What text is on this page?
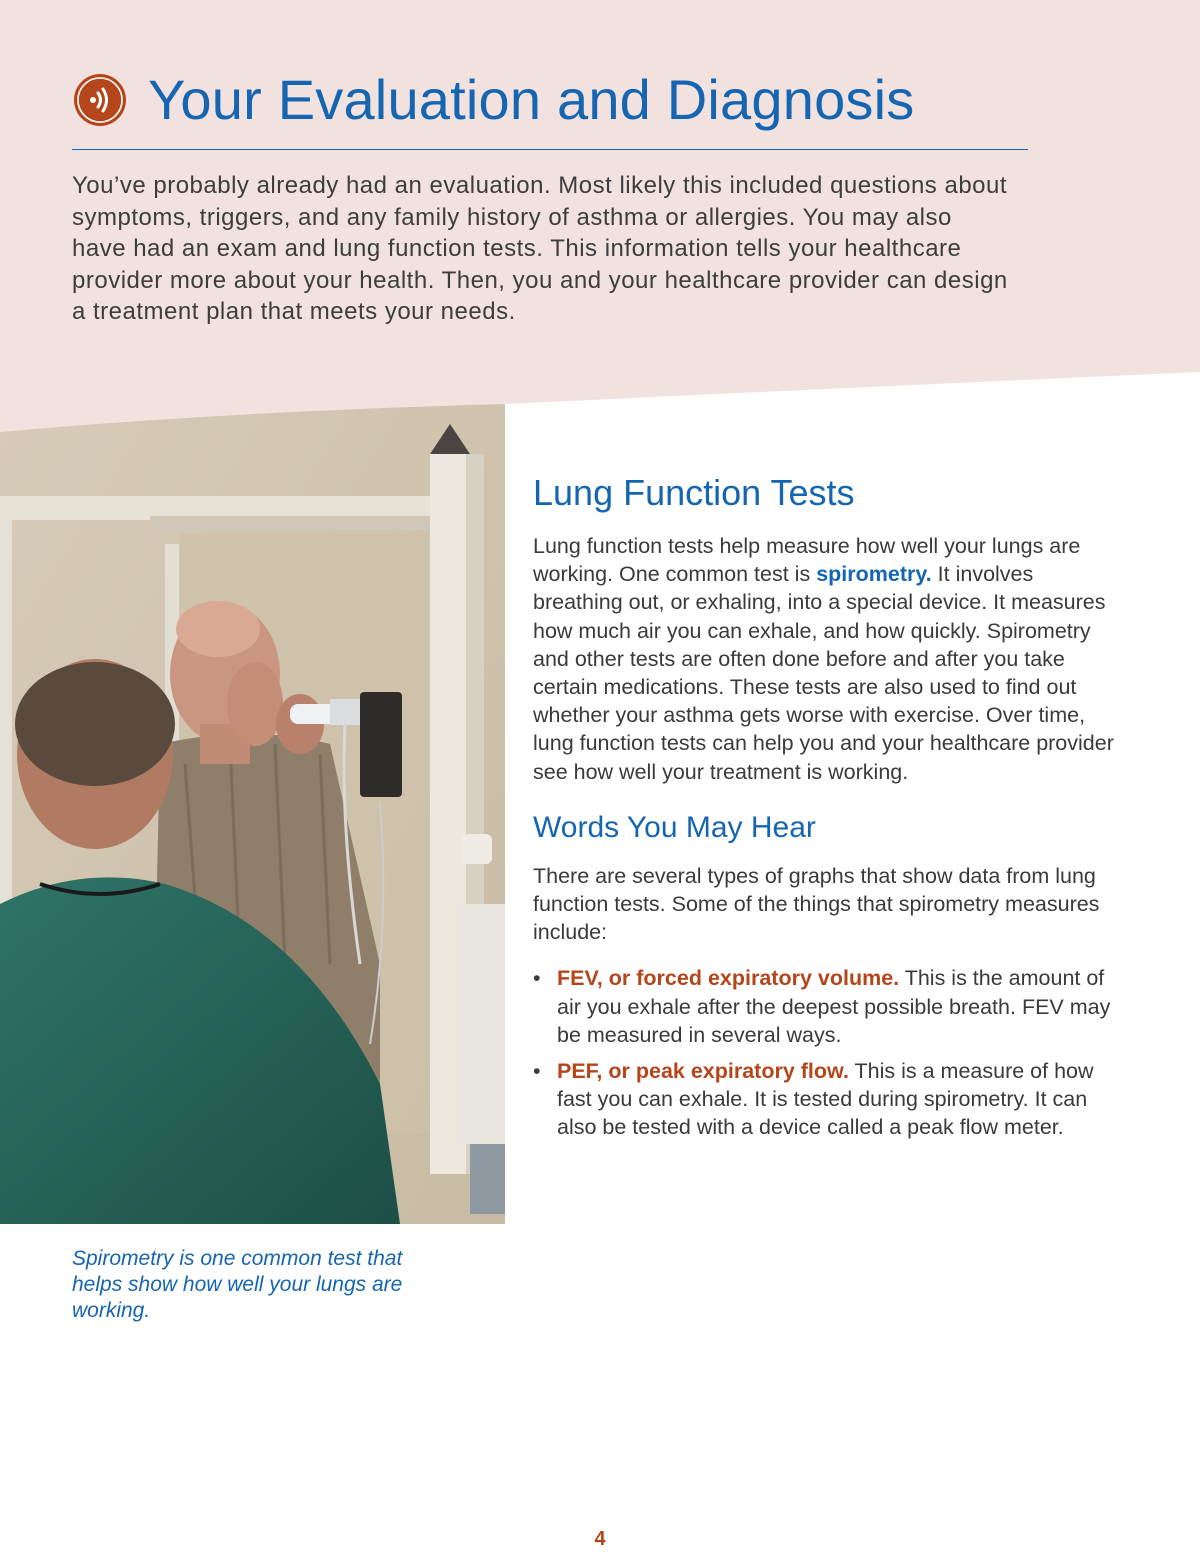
Your Evaluation and Diagnosis

You’ve probably already had an evaluation. Most likely this included questions about symptoms, triggers, and any family history of asthma or allergies. You may also have had an exam and lung function tests. This information tells your healthcare provider more about your health. Then, you and your healthcare provider can design a treatment plan that meets your needs.

Spirometry is one common test that helps show how well your lungs are working.

Lung Function Tests

Lung function tests help measure how well your lungs are working. One common test is spirometry. It involves breathing out, or exhaling, into a special device. It measures how much air you can exhale, and how quickly. Spirometry and other tests are often done before and after you take certain medications. These tests are also used to find out whether your asthma gets worse with exercise. Over time, lung function tests can help you and your healthcare provider see how well your treatment is working.

Words You May Hear

There are several types of graphs that show data from lung function tests. Some of the things that spirometry measures include:

• FEV, or forced expiratory volume. This is the amount of air you exhale after the deepest possible breath. FEV may be measured in several ways.
• PEF, or peak expiratory flow. This is a measure of how fast you can exhale. It is tested during spirometry. It can also be tested with a device called a peak flow meter.
4
